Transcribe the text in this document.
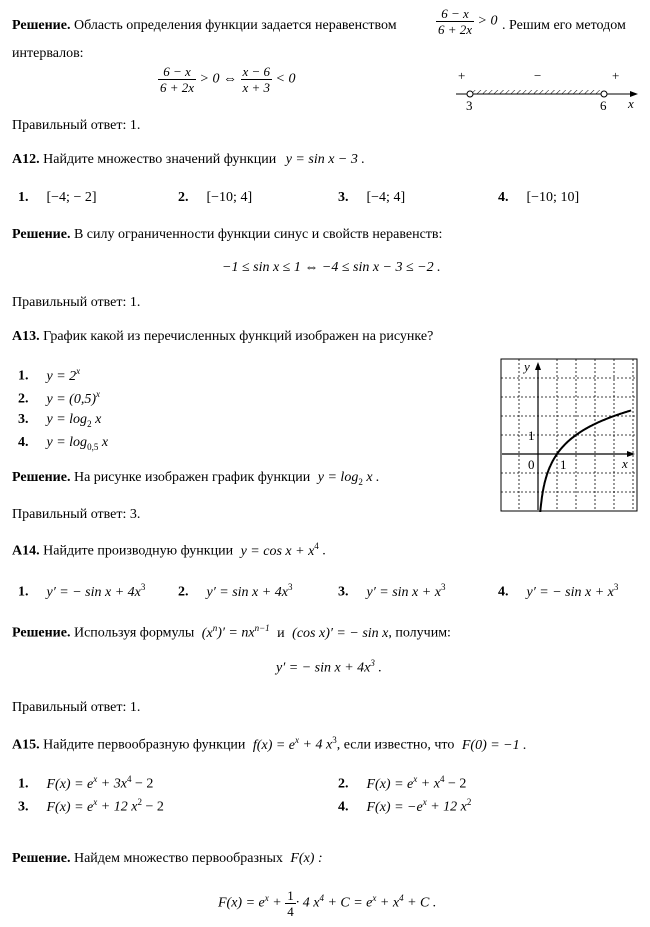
Решение. Область определения функции задается неравенством	$\frac{6 - x}{6 + 2x} > 0$ . Решим его методом
интервалов:
$\frac{6 - x}{6 + 2x} > 0$ ⇔ $\frac{x - 6}{x + 3} < 0$	+	−	+
3	6 x
Правильный ответ: 1.
А12. Найдите множество значений функции y = sin x − 3 .
1. [−4; − 2]	2. [−10; 4]	3. [−4; 4]	4. [−10; 10]
Решение. В силу ограниченности функции синус и свойств неравенств:
−1 ≤ sin x ≤ 1 ⇔ −4 ≤ sin x − 3 ≤ −2 .
Правильный ответ: 1.
А13. График какой из перечисленных функций изображен на рисунке?
1. $y = 2^x$
2. $y = (0,5)^x$
3. $y = \log_2 x$
4. $y = \log_{0,5} x$
y
x
0 1
1
Решение. На рисунке изображен график функции $y = \log_2 x$ .
Правильный ответ: 3.
А14. Найдите производную функции $y = \cos x + x^4$ .
1. y′ = − $\sin x + 4x^3$ 2. $y' = \sin x + 4x^3$	3. $y' = \sin x + x^3$	4. y′ = − $\sin x + x^3$
Решение. Используя формулы $(x^n)' = nx^{n-1}$ и (cos x)′ = − sin x, получим:
y′ = − $\sin x + 4x^3$ .
Правильный ответ: 1.
А15. Найдите первообразную функции $f(x) = e^x + 4$ $x^3$, если известно, что F(0) = −1 .
1. $F(x) = e^x + 3x^4 - 2$	2. $F(x) = e^x + x^4 - 2$
3. $F(x) = e^x + 12$ $x^2 - 2$	4. $F(x) = -e^x + 12$ $x^2$
Решение. Найдем множество первообразных F(x) :
$F(x) = e^x + \frac{1}{4} \cdot 4$ $x^4 + C = e^x + x^4 + C$ .
